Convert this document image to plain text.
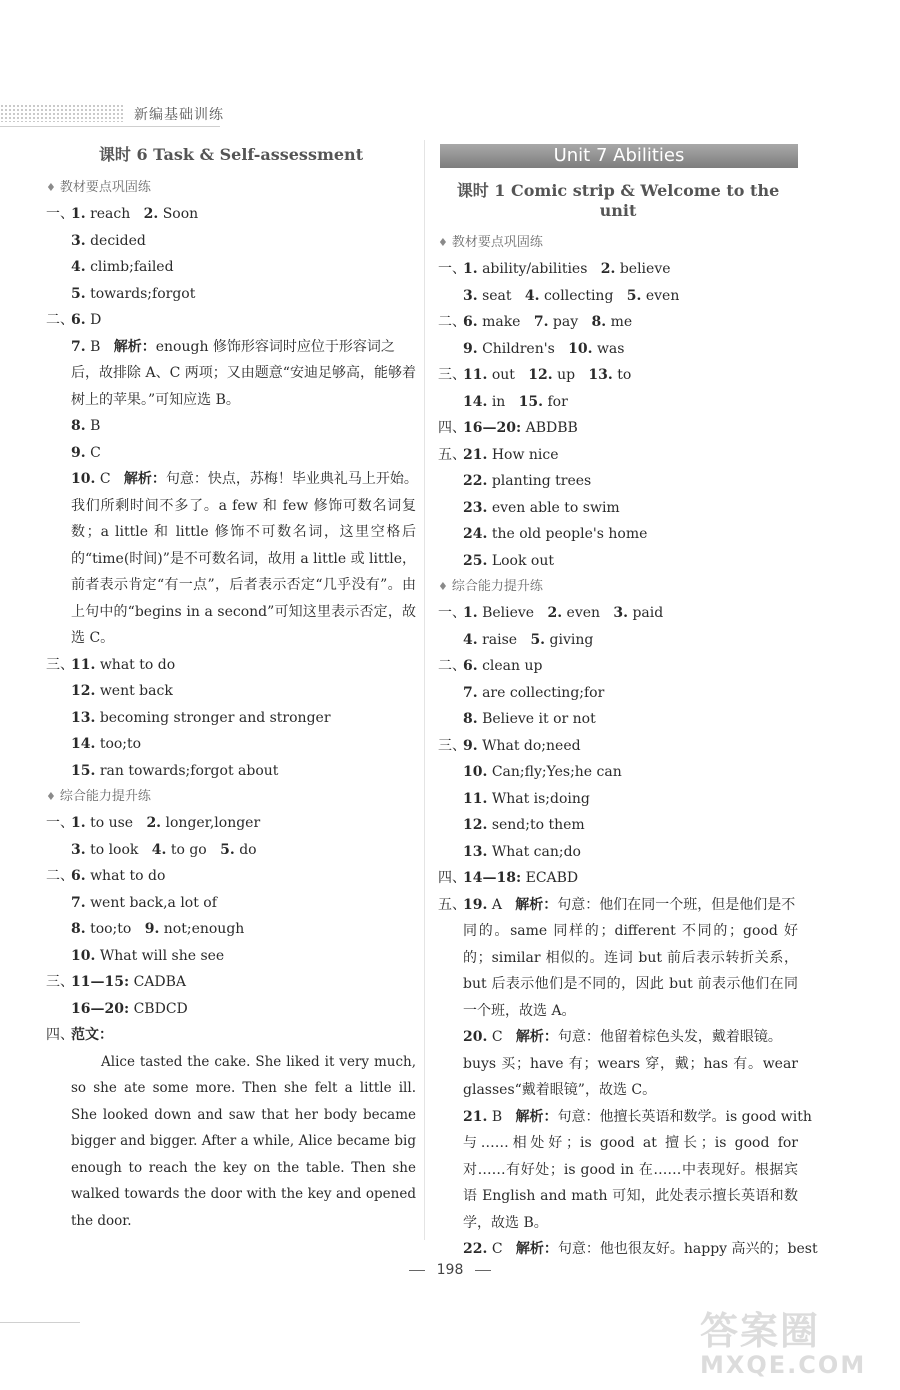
新编基础训练
课时 6 Task & Self-assessment
♦ 教材要点巩固练
一、1. reach 2. Soon
3. decided
4. climb;failed
5. towards;forgot
二、6. D
7. B 解析：enough 修饰形容词时应位于形容词之
后，故排除 A、C 两项；又由题意“安迪足够高，能够着树上的苹果。”可知应选 B。
8. B
9. C
10. C 解析：句意：快点，苏梅！毕业典礼马上开始。
我们所剩时间不多了。a few 和 few 修饰可数名词复数；a little 和 little 修饰不可数名词，这里空格后的“time(时间)”是不可数名词，故用 a little 或 little，前者表示肯定“有一点”，后者表示否定“几乎没有”。由上句中的“begins in a second”可知这里表示否定，故选 C。
三、11. what to do
12. went back
13. becoming stronger and stronger
14. too;to
15. ran towards;forgot about
♦ 综合能力提升练
一、1. to use 2. longer,longer
3. to look 4. to go 5. do
二、6. what to do
7. went back,a lot of
8. too;to 9. not;enough
10. What will she see
三、11—15: CADBA
16—20: CBDCD
四、范文：
Alice tasted the cake. She liked it very much, so she ate some more. Then she felt a little ill. She looked down and saw that her body became bigger and bigger. After a while, Alice became big enough to reach the key on the table. Then she walked towards the door with the key and opened the door.
Unit 7 Abilities
课时 1 Comic strip & Welcome to the unit
♦ 教材要点巩固练
一、1. ability/abilities 2. believe
3. seat 4. collecting 5. even
二、6. make 7. pay 8. me
9. Children's 10. was
三、11. out 12. up 13. to
14. in 15. for
四、16—20: ABDBB
五、21. How nice
22. planting trees
23. even able to swim
24. the old people's home
25. Look out
♦ 综合能力提升练
一、1. Believe 2. even 3. paid
4. raise 5. giving
二、6. clean up
7. are collecting;for
8. Believe it or not
三、9. What do;need
10. Can;fly;Yes;he can
11. What is;doing
12. send;to them
13. What can;do
四、14—18: ECABD
五、19. A 解析：句意：他们在同一个班，但是他们是不
同的。same 同样的；different 不同的；good 好的；similar 相似的。连词 but 前后表示转折关系，but 后表示他们是不同的，因此 but 前表示他们在同一个班，故选 A。
20. C 解析：句意：他留着棕色头发，戴着眼镜。
buys 买；have 有；wears 穿，戴；has 有。wear glasses“戴着眼镜”，故选 C。
21. B 解析：句意：他擅长英语和数学。is good with
与……相处好；is good at 擅长；is good for 对……有好处；is good in 在……中表现好。根据宾语 English and math 可知，此处表示擅长英语和数学，故选 B。
22. C 解析：句意：他也很友好。happy 高兴的；best
198
答案圈
MXQE.COM
